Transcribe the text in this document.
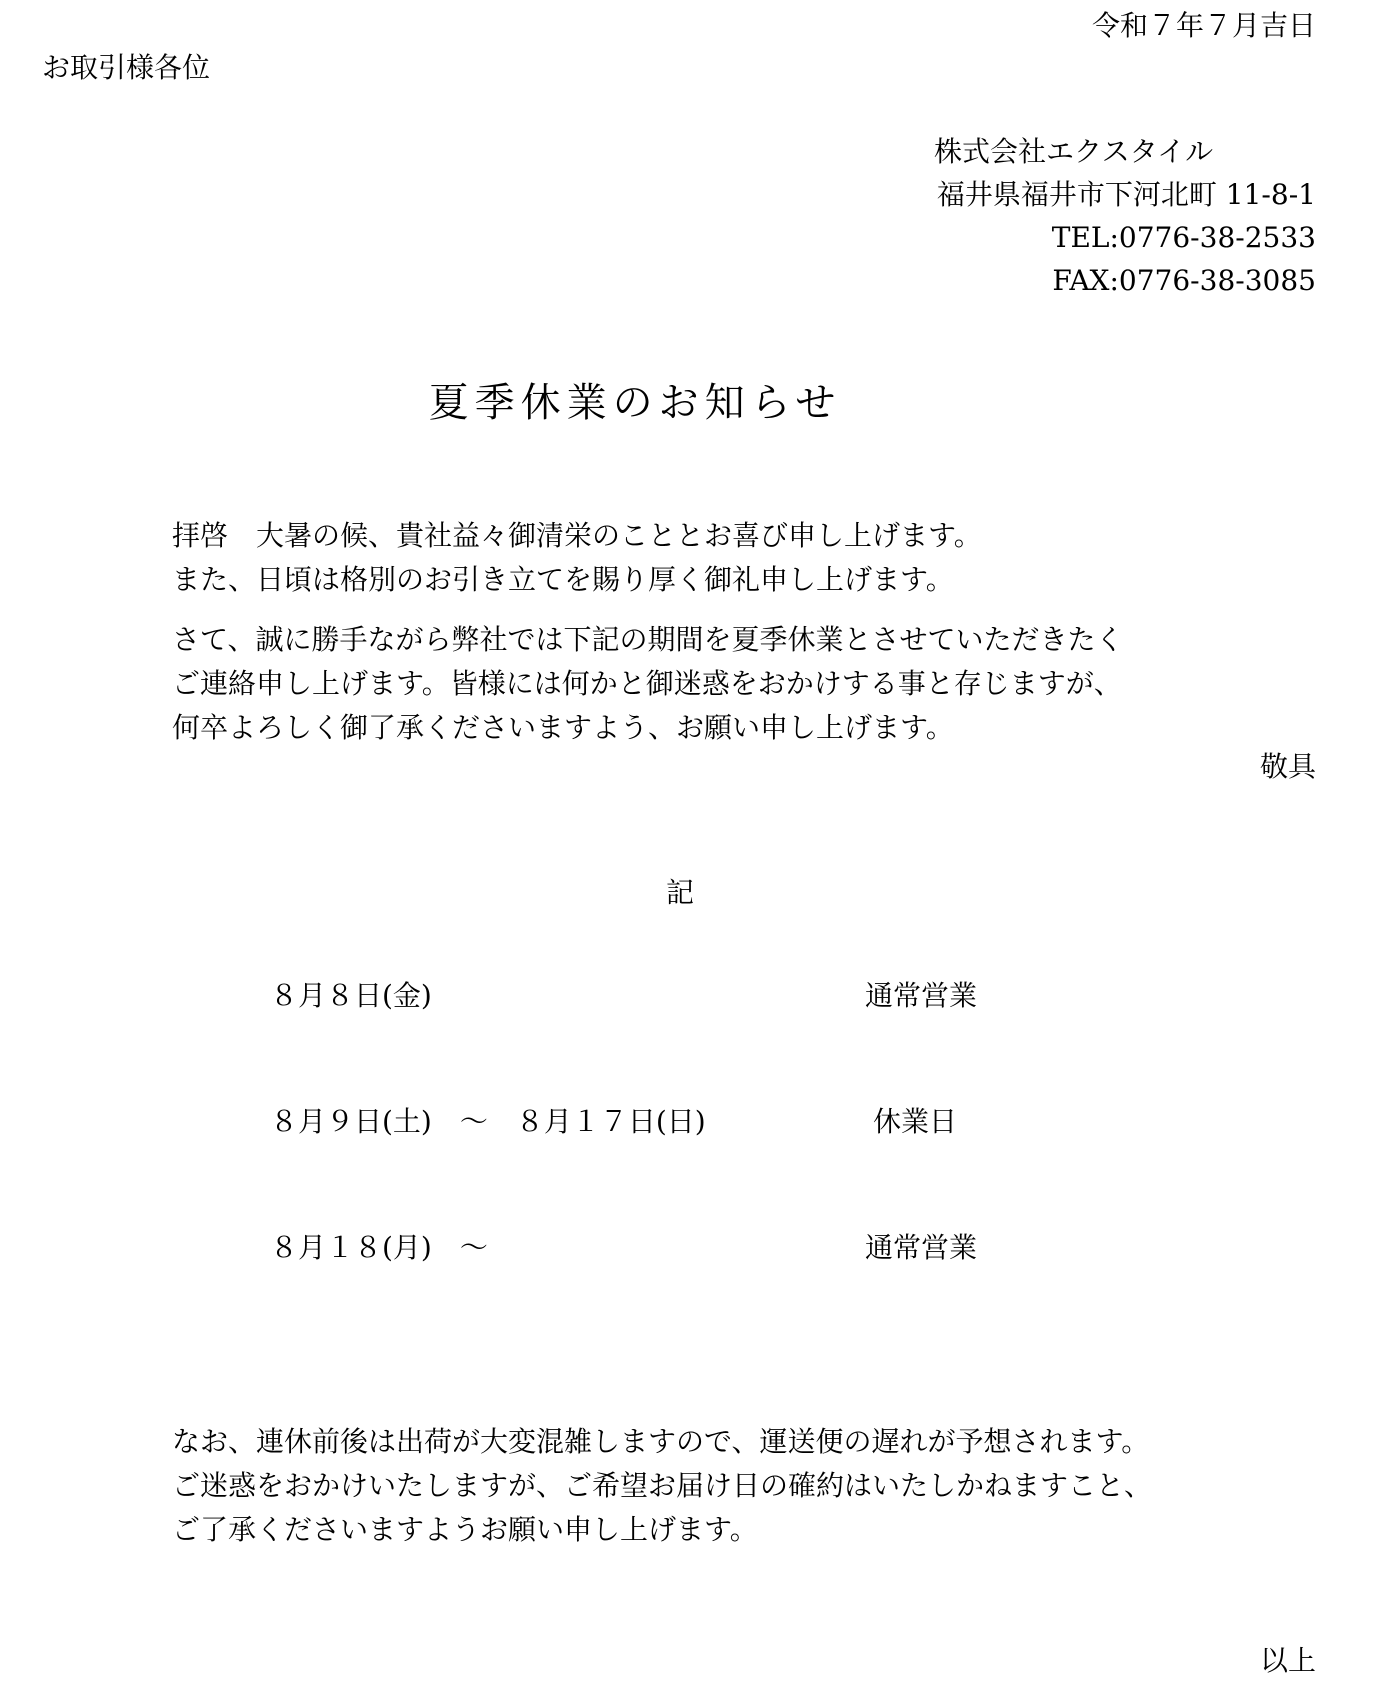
令和７年７月吉日
お取引様各位
株式会社エクスタイル
福井県福井市下河北町 11-8-1
TEL:0776-38-2533
FAX:0776-38-3085
夏季休業のお知らせ
拝啓　大暑の候、貴社益々御清栄のこととお喜び申し上げます。
また、日頃は格別のお引き立てを賜り厚く御礼申し上げます。
さて、誠に勝手ながら弊社では下記の期間を夏季休業とさせていただきたく
ご連絡申し上げます。皆様には何かと御迷惑をおかけする事と存じますが、
何卒よろしく御了承くださいますよう、お願い申し上げます。
敬具
記
８月８日(金)	通常営業
８月９日(土)　～　８月１７日(日)	休業日
８月１８(月)　～	通常営業
なお、連休前後は出荷が大変混雑しますので、運送便の遅れが予想されます。
ご迷惑をおかけいたしますが、ご希望お届け日の確約はいたしかねますこと、
ご了承くださいますようお願い申し上げます。
以上
